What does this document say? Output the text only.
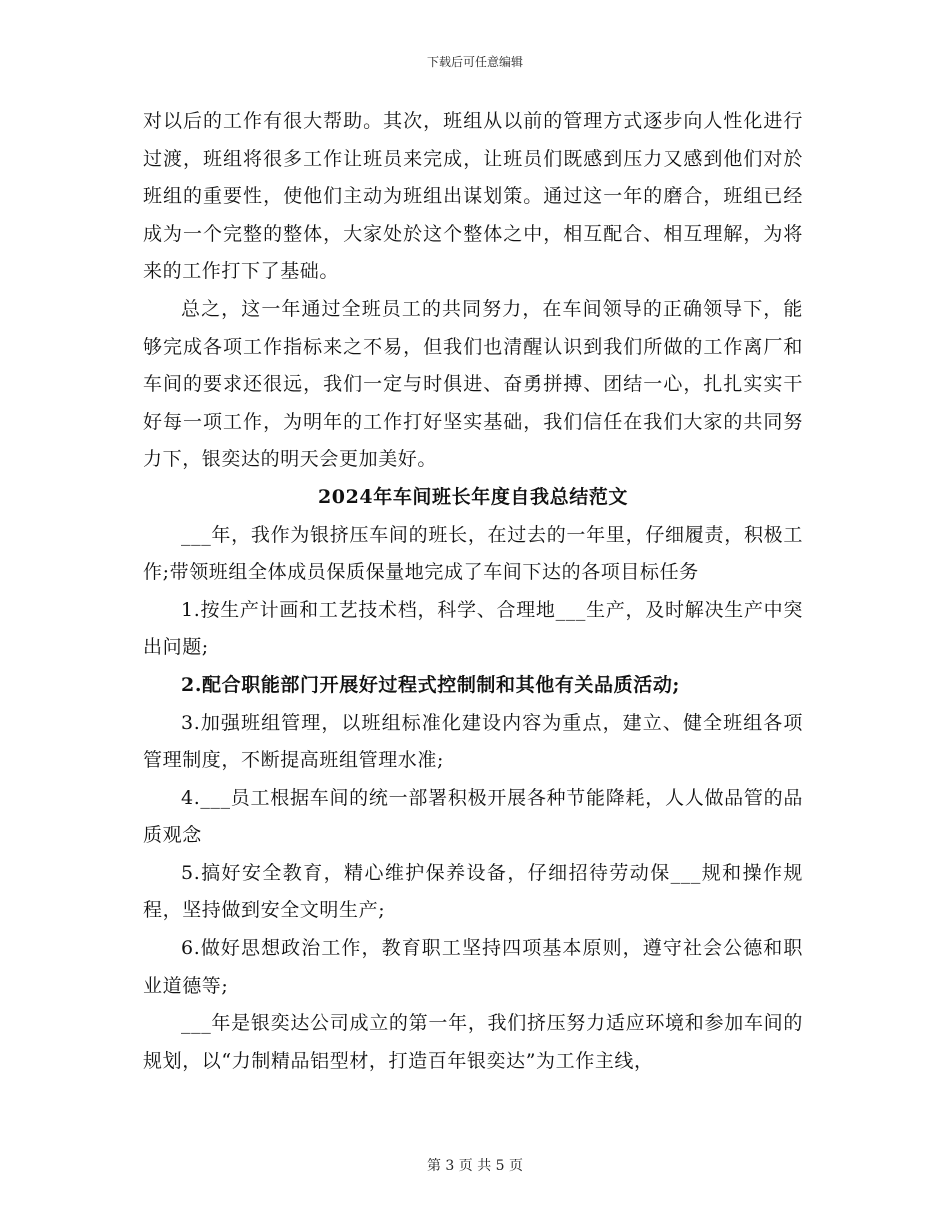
下载后可任意编辑

对以后的工作有很大帮助。其次，班组从以前的管理方式逐步向人性化进行过渡，班组将很多工作让班员来完成，让班员们既感到压力又感到他们对於班组的重要性，使他们主动为班组出谋划策。通过这一年的磨合，班组已经成为一个完整的整体，大家处於这个整体之中，相互配合、相互理解，为将来的工作打下了基础。

总之，这一年通过全班员工的共同努力，在车间领导的正确领导下，能够完成各项工作指标来之不易，但我们也清醒认识到我们所做的工作离厂和车间的要求还很远，我们一定与时俱进、奋勇拼搏、团结一心，扎扎实实干好每一项工作，为明年的工作打好坚实基础，我们信任在我们大家的共同努力下，银奕达的明天会更加美好。

2024年车间班长年度自我总结范文

___年，我作为银挤压车间的班长，在过去的一年里，仔细履责，积极工作;带领班组全体成员保质保量地完成了车间下达的各项目标任务

1.按生产计画和工艺技术档，科学、合理地___生产，及时解决生产中突出问题;

2.配合职能部门开展好过程式控制制和其他有关品质活动;

3.加强班组管理，以班组标准化建设内容为重点，建立、健全班组各项管理制度，不断提高班组管理水准;

4.___员工根据车间的统一部署积极开展各种节能降耗，人人做品管的品质观念

5.搞好安全教育，精心维护保养设备，仔细招待劳动保___规和操作规程，坚持做到安全文明生产;

6.做好思想政治工作，教育职工坚持四项基本原则，遵守社会公德和职业道德等;

___年是银奕达公司成立的第一年，我们挤压努力适应环境和参加车间的规划，以“力制精品铝型材，打造百年银奕达”为工作主线，

第 3 页 共 5 页
